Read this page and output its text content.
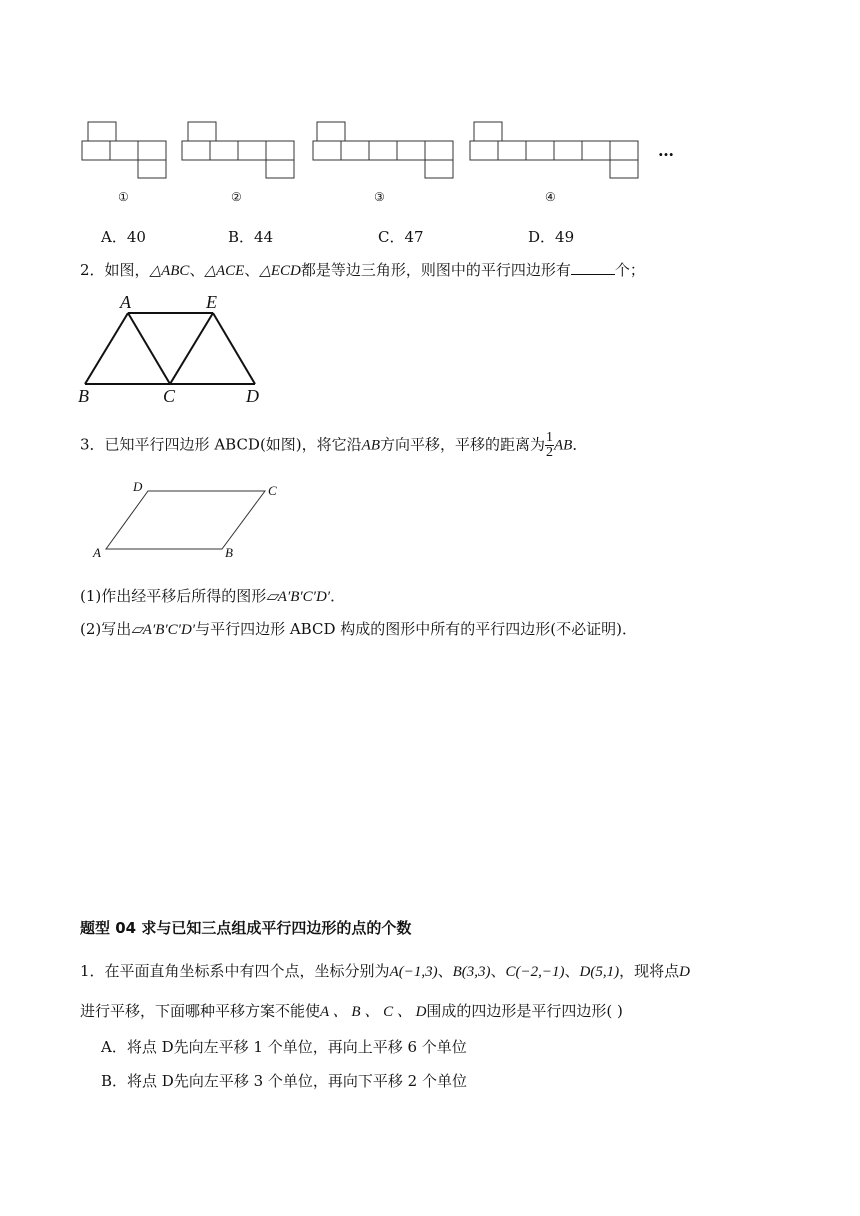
①	②	③	④
…
A．40	B．44	C．47	D．49
2．如图，△ABC、△ACE、△ECD都是等边三角形，则图中的平行四边形有	个；
A	E
B	C	D
3．已知平行四边形 ABCD(如图)，将它沿AB方向平移，平移的距离为 $\frac{1}{2}$ AB．
D	C
A	B
(1)作出经平移后所得的图形▱A′B′C′D′．
(2)写出▱A′B′C′D′与平行四边形 ABCD 构成的图形中所有的平行四边形(不必证明)．
题型 04 求与已知三点组成平行四边形的点的个数
1．在平面直角坐标系中有四个点，坐标分别为A(−1,3)、B(3,3)、C(−2,−1)、D(5,1)，现将点D
进行平移，下面哪种平移方案不能使A 、 B 、 C 、 D围成的四边形是平行四边形( )
A．将点 D先向左平移 1 个单位，再向上平移 6 个单位
B．将点 D先向左平移 3 个单位，再向下平移 2 个单位
